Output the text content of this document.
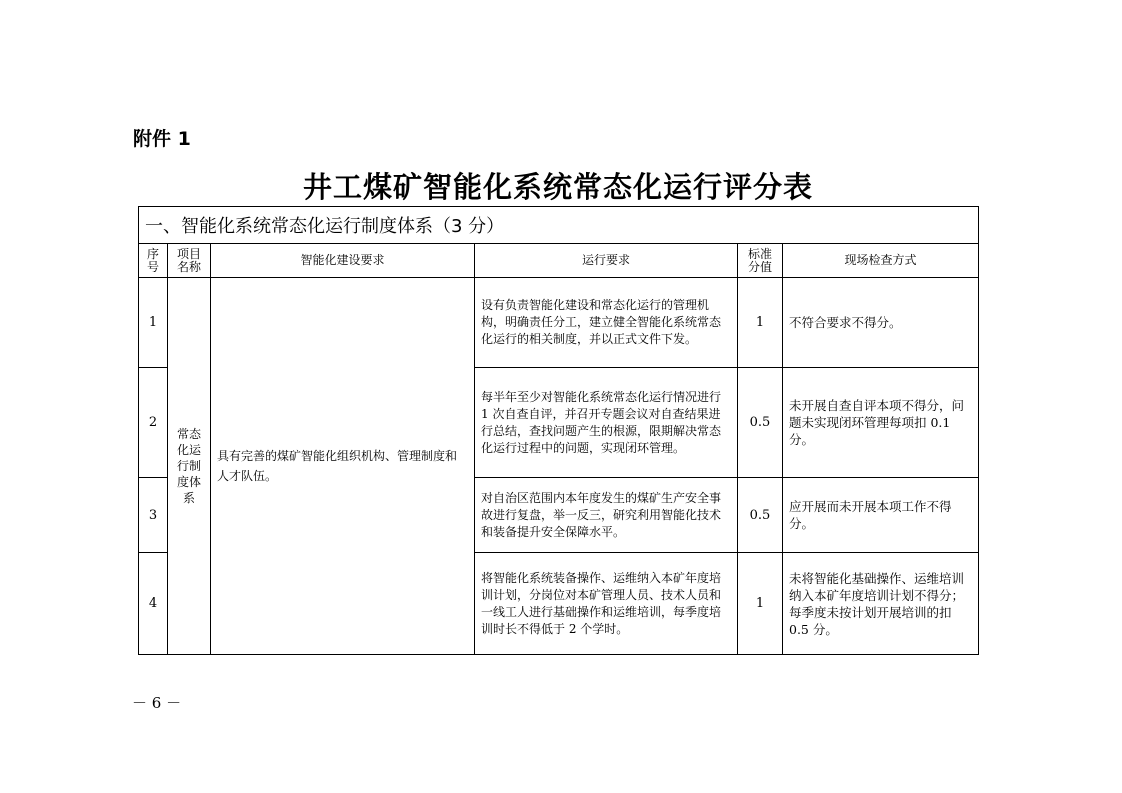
附件 1
井工煤矿智能化系统常态化运行评分表
一、智能化系统常态化运行制度体系（3 分）					
序号	项目名称	智能化建设要求	运行要求	标准分值	现场检查方式
1	常态化运行制度体系	具有完善的煤矿智能化组织机构、管理制度和人才队伍。	设有负责智能化建设和常态化运行的管理机构，明确责任分工，建立健全智能化系统常态化运行的相关制度，并以正式文件下发。	1	不符合要求不得分。
2			每半年至少对智能化系统常态化运行情况进行 1 次自查自评，并召开专题会议对自查结果进行总结，查找问题产生的根源，限期解决常态化运行过程中的问题，实现闭环管理。	0.5	未开展自查自评本项不得分，问题未实现闭环管理每项扣 0.1 分。
3			对自治区范围内本年度发生的煤矿生产安全事故进行复盘，举一反三，研究利用智能化技术和装备提升安全保障水平。	0.5	应开展而未开展本项工作不得分。
4			将智能化系统装备操作、运维纳入本矿年度培训计划，分岗位对本矿管理人员、技术人员和一线工人进行基础操作和运维培训，每季度培训时长不得低于 2 个学时。	1	未将智能化基础操作、运维培训纳入本矿年度培训计划不得分；每季度未按计划开展培训的扣 0.5 分。
－ 6 －
